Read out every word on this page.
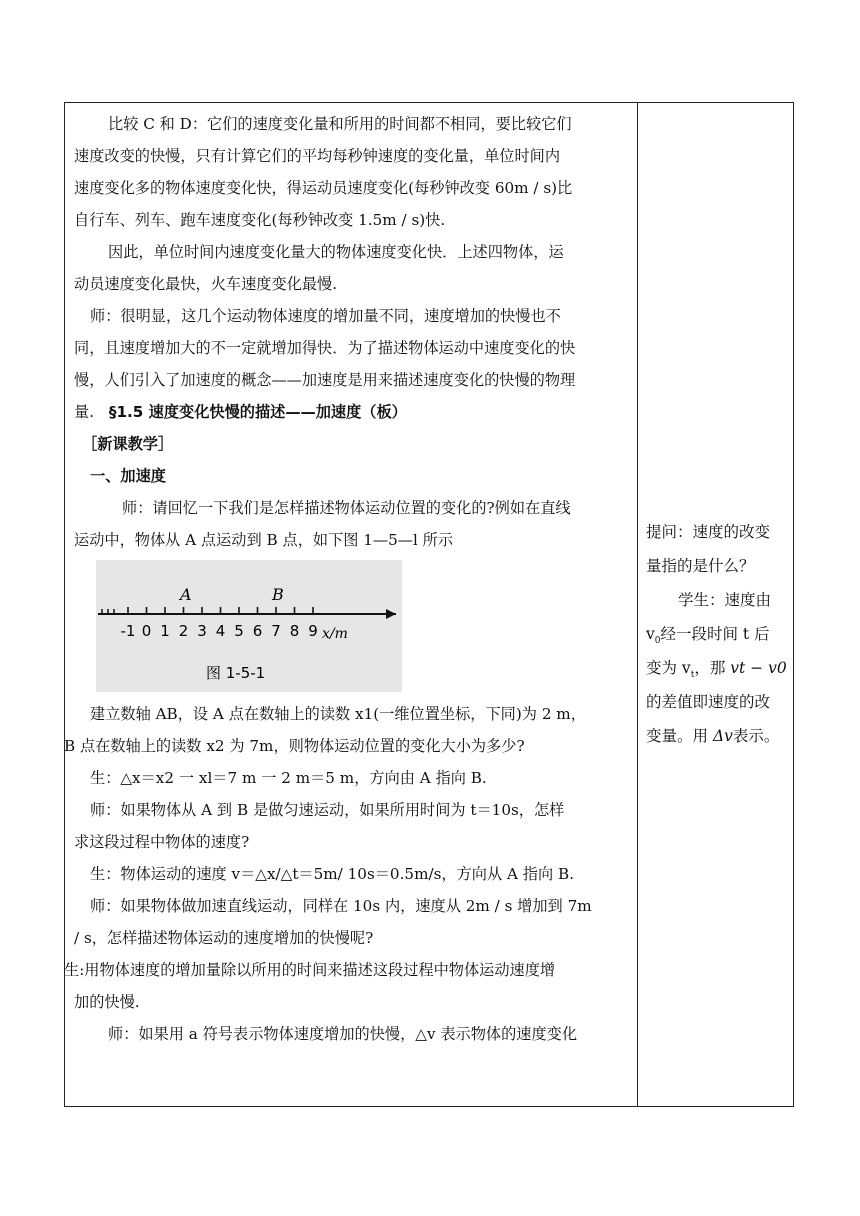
比较 C 和 D：它们的速度变化量和所用的时间都不相同，要比较它们
速度改变的快慢，只有计算它们的平均每秒钟速度的变化量，单位时间内
速度变化多的物体速度变化快，得运动员速度变化(每秒钟改变 60m / s)比
自行车、列车、跑车速度变化(每秒钟改变 1.5m / s)快.
因此，单位时间内速度变化量大的物体速度变化快．上述四物体，运
动员速度变化最快，火车速度变化最慢.
师：很明显，这几个运动物体速度的增加量不同，速度增加的快慢也不
同，且速度增加大的不一定就增加得快．为了描述物体运动中速度变化的快
慢，人们引入了加速度的概念——加速度是用来描述速度变化的快慢的物理
量. §1.5 速度变化快慢的描述——加速度（板）
［新课教学］
一、加速度
师：请回忆一下我们是怎样描述物体运动位置的变化的?例如在直线
运动中，物体从 A 点运动到 B 点，如下图 1—5—l 所示
-1 0 1 2 3 4 5 6 7 8 9
A	B
x/m
图 1-5-1
建立数轴 AB，设 A 点在数轴上的读数 x1(一维位置坐标，下同)为 2 m，
B 点在数轴上的读数 x2 为 7m，则物体运动位置的变化大小为多少?
生：△x＝x2 一 xl＝7 m 一 2 m＝5 m，方向由 A 指向 B.
师：如果物体从 A 到 B 是做匀速运动，如果所用时间为 t＝10s，怎样
求这段过程中物体的速度?
生：物体运动的速度 v＝△x/△t＝5m/ 10s＝0.5m/s，方向从 A 指向 B.
师：如果物体做加速直线运动，同样在 10s 内，速度从 2m / s 增加到 7m
/ s，怎样描述物体运动的速度增加的快慢呢?
生:用物体速度的增加量除以所用的时间来描述这段过程中物体运动速度增
加的快慢.
师：如果用 a 符号表示物体速度增加的快慢，△v 表示物体的速度变化
提问：速度的改变
量指的是什么？
学生：速度由
$v_0$经一段时间 t 后
变为 $v_t$，那 vt − v0
的差值即速度的改
变量。用 Δv表示。
